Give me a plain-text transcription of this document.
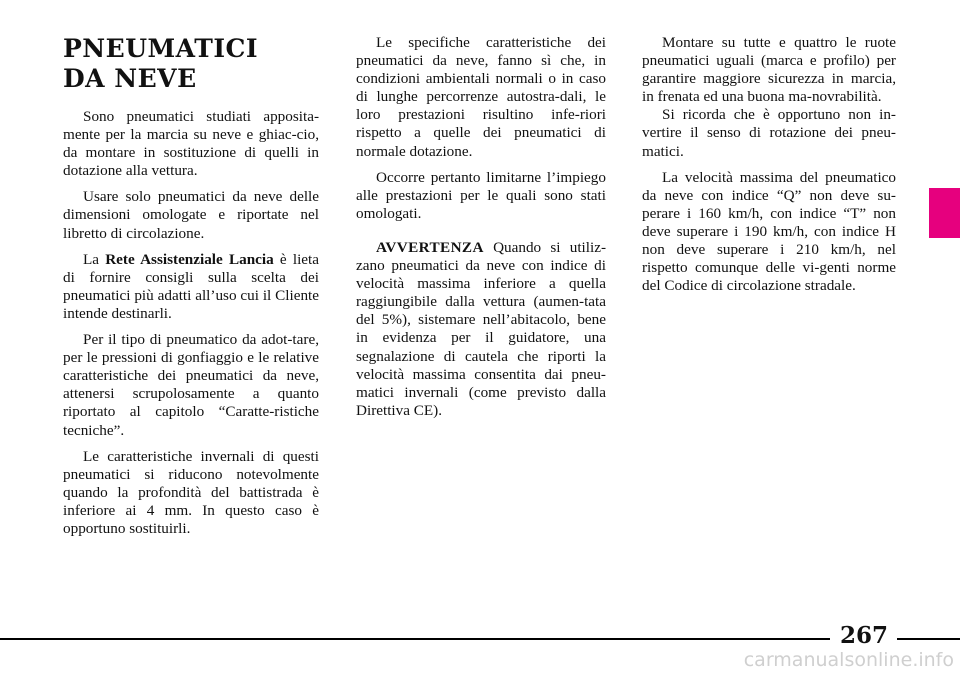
PNEUMATICI
DA NEVE

Sono pneumatici studiati apposita-mente per la marcia su neve e ghiac-cio, da montare in sostituzione di quelli in dotazione alla vettura.

Usare solo pneumatici da neve delle dimensioni omologate e riportate nel libretto di circolazione.

La Rete Assistenziale Lancia è lieta di fornire consigli sulla scelta dei pneumatici più adatti all’uso cui il Cliente intende destinarli.

Per il tipo di pneumatico da adot-tare, per le pressioni di gonfiaggio e le relative caratteristiche dei pneumatici da neve, attenersi scrupolosamente a quanto riportato al capitolo “Caratte-ristiche tecniche”.

Le caratteristiche invernali di questi pneumatici si riducono notevolmente quando la profondità del battistrada è inferiore ai 4 mm. In questo caso è opportuno sostituirli.

Le specifiche caratteristiche dei pneumatici da neve, fanno sì che, in condizioni ambientali normali o in caso di lunghe percorrenze autostra-dali, le loro prestazioni risultino infe-riori rispetto a quelle dei pneumatici di normale dotazione.

Occorre pertanto limitarne l’impiego alle prestazioni per le quali sono stati omologati.

AVVERTENZA Quando si utiliz-zano pneumatici da neve con indice di velocità massima inferiore a quella raggiungibile dalla vettura (aumen-tata del 5%), sistemare nell’abitacolo, bene in evidenza per il guidatore, una segnalazione di cautela che riporti la velocità massima consentita dai pneu-matici invernali (come previsto dalla Direttiva CE).

Montare su tutte e quattro le ruote pneumatici uguali (marca e profilo) per garantire maggiore sicurezza in marcia, in frenata ed una buona ma-novrabilità.

Si ricorda che è opportuno non in-vertire il senso di rotazione dei pneu-matici.

La velocità massima del pneumatico da neve con indice “Q” non deve su-perare i 160 km/h, con indice “T” non deve superare i 190 km/h, con indice H non deve superare i 210 km/h, nel rispetto comunque delle vi-genti norme del Codice di circolazione stradale.

267
carmanualsonline.info
